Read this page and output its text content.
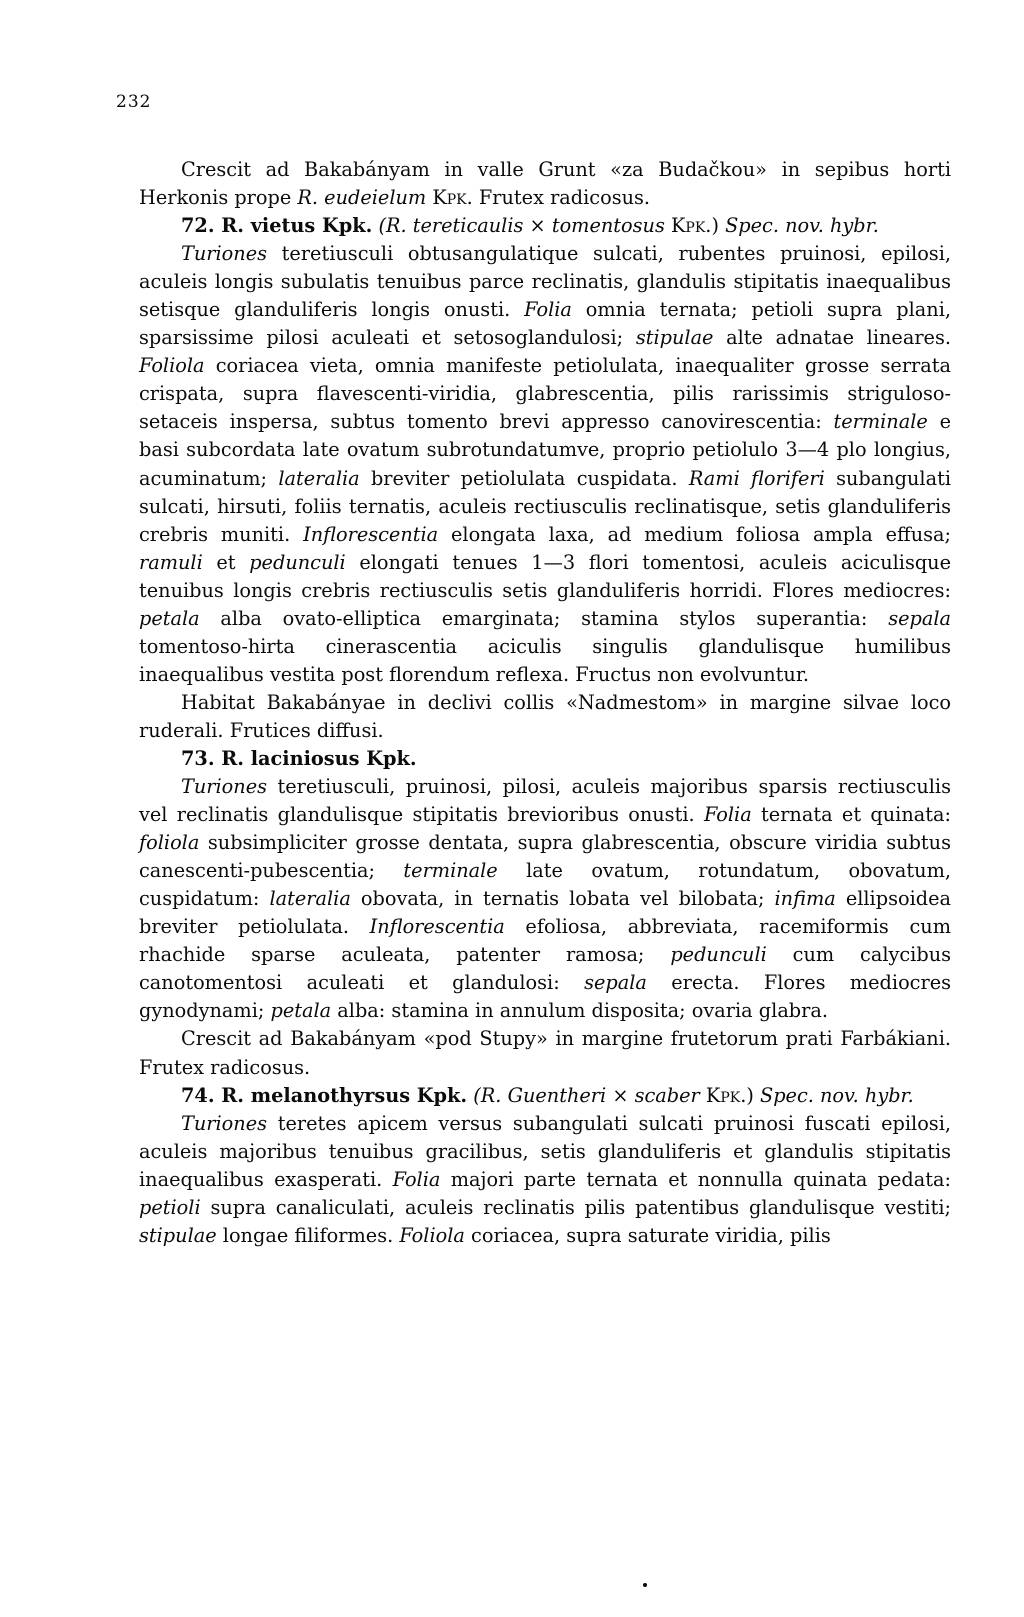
232

Crescit ad Bakabányam in valle Grunt «za Budačkou» in sepibus horti Herkonis prope R. eudeielum Kpk. Frutex radicosus.

72. R. vietus Kpk. (R. tereticaulis × tomentosus Kpk.) Spec. nov. hybr.

Turiones teretiusculi obtusangulatique sulcati, rubentes pruinosi, epilosi, aculeis longis subulatis tenuibus parce reclinatis, glandulis stipitatis inaequalibus setisque glanduliferis longis onusti. Folia omnia ternata; petioli supra plani, sparsissime pilosi aculeati et setosoglandulosi; stipulae alte adnatae lineares. Foliola coriacea vieta, omnia manifeste petiolulata, inaequaliter grosse serrata crispata, supra flavescenti-viridia, glabrescentia, pilis rarissimis striguloso-setaceis inspersa, subtus tomento brevi appresso canovirescentia: terminale e basi subcordata late ovatum subrotundatumve, proprio petiolulo 3—4 plo longius, acuminatum; lateralia breviter petiolulata cuspidata. Rami floriferi subangulati sulcati, hirsuti, foliis ternatis, aculeis rectiusculis reclinatisque, setis glanduliferis crebris muniti. Inflorescentia elongata laxa, ad medium foliosa ampla effusa; ramuli et pedunculi elongati tenues 1—3 flori tomentosi, aculeis aciculisque tenuibus longis crebris rectiusculis setis glanduliferis horridi. Flores mediocres: petala alba ovato-elliptica emarginata; stamina stylos superantia: sepala tomentoso-hirta cinerascentia aciculis singulis glandulisque humilibus inaequalibus vestita post florendum reflexa. Fructus non evolvuntur.

Habitat Bakabányae in declivi collis «Nadmestom» in margine silvae loco ruderali. Frutices diffusi.

73. R. laciniosus Kpk.

Turiones teretiusculi, pruinosi, pilosi, aculeis majoribus sparsis rectiusculis vel reclinatis glandulisque stipitatis brevioribus onusti. Folia ternata et quinata: foliola subsimpliciter grosse dentata, supra glabrescentia, obscure viridia subtus canescenti-pubescentia; terminale late ovatum, rotundatum, obovatum, cuspidatum: lateralia obovata, in ternatis lobata vel bilobata; infima ellipsoidea breviter petiolulata. Inflorescentia efoliosa, abbreviata, racemiformis cum rhachide sparse aculeata, patenter ramosa; pedunculi cum calycibus canotomentosi aculeati et glandulosi: sepala erecta. Flores mediocres gynodynami; petala alba: stamina in annulum disposita; ovaria glabra.

Crescit ad Bakabányam «pod Stupy» in margine frutetorum prati Farbákiani. Frutex radicosus.

74. R. melanothyrsus Kpk. (R. Guentheri × scaber Kpk.) Spec. nov. hybr.

Turiones teretes apicem versus subangulati sulcati pruinosi fuscati epilosi, aculeis majoribus tenuibus gracilibus, setis glanduliferis et glandulis stipitatis inaequalibus exasperati. Folia majori parte ternata et nonnulla quinata pedata: petioli supra canaliculati, aculeis reclinatis pilis patentibus glandulisque vestiti; stipulae longae filiformes. Foliola coriacea, supra saturate viridia, pilis
